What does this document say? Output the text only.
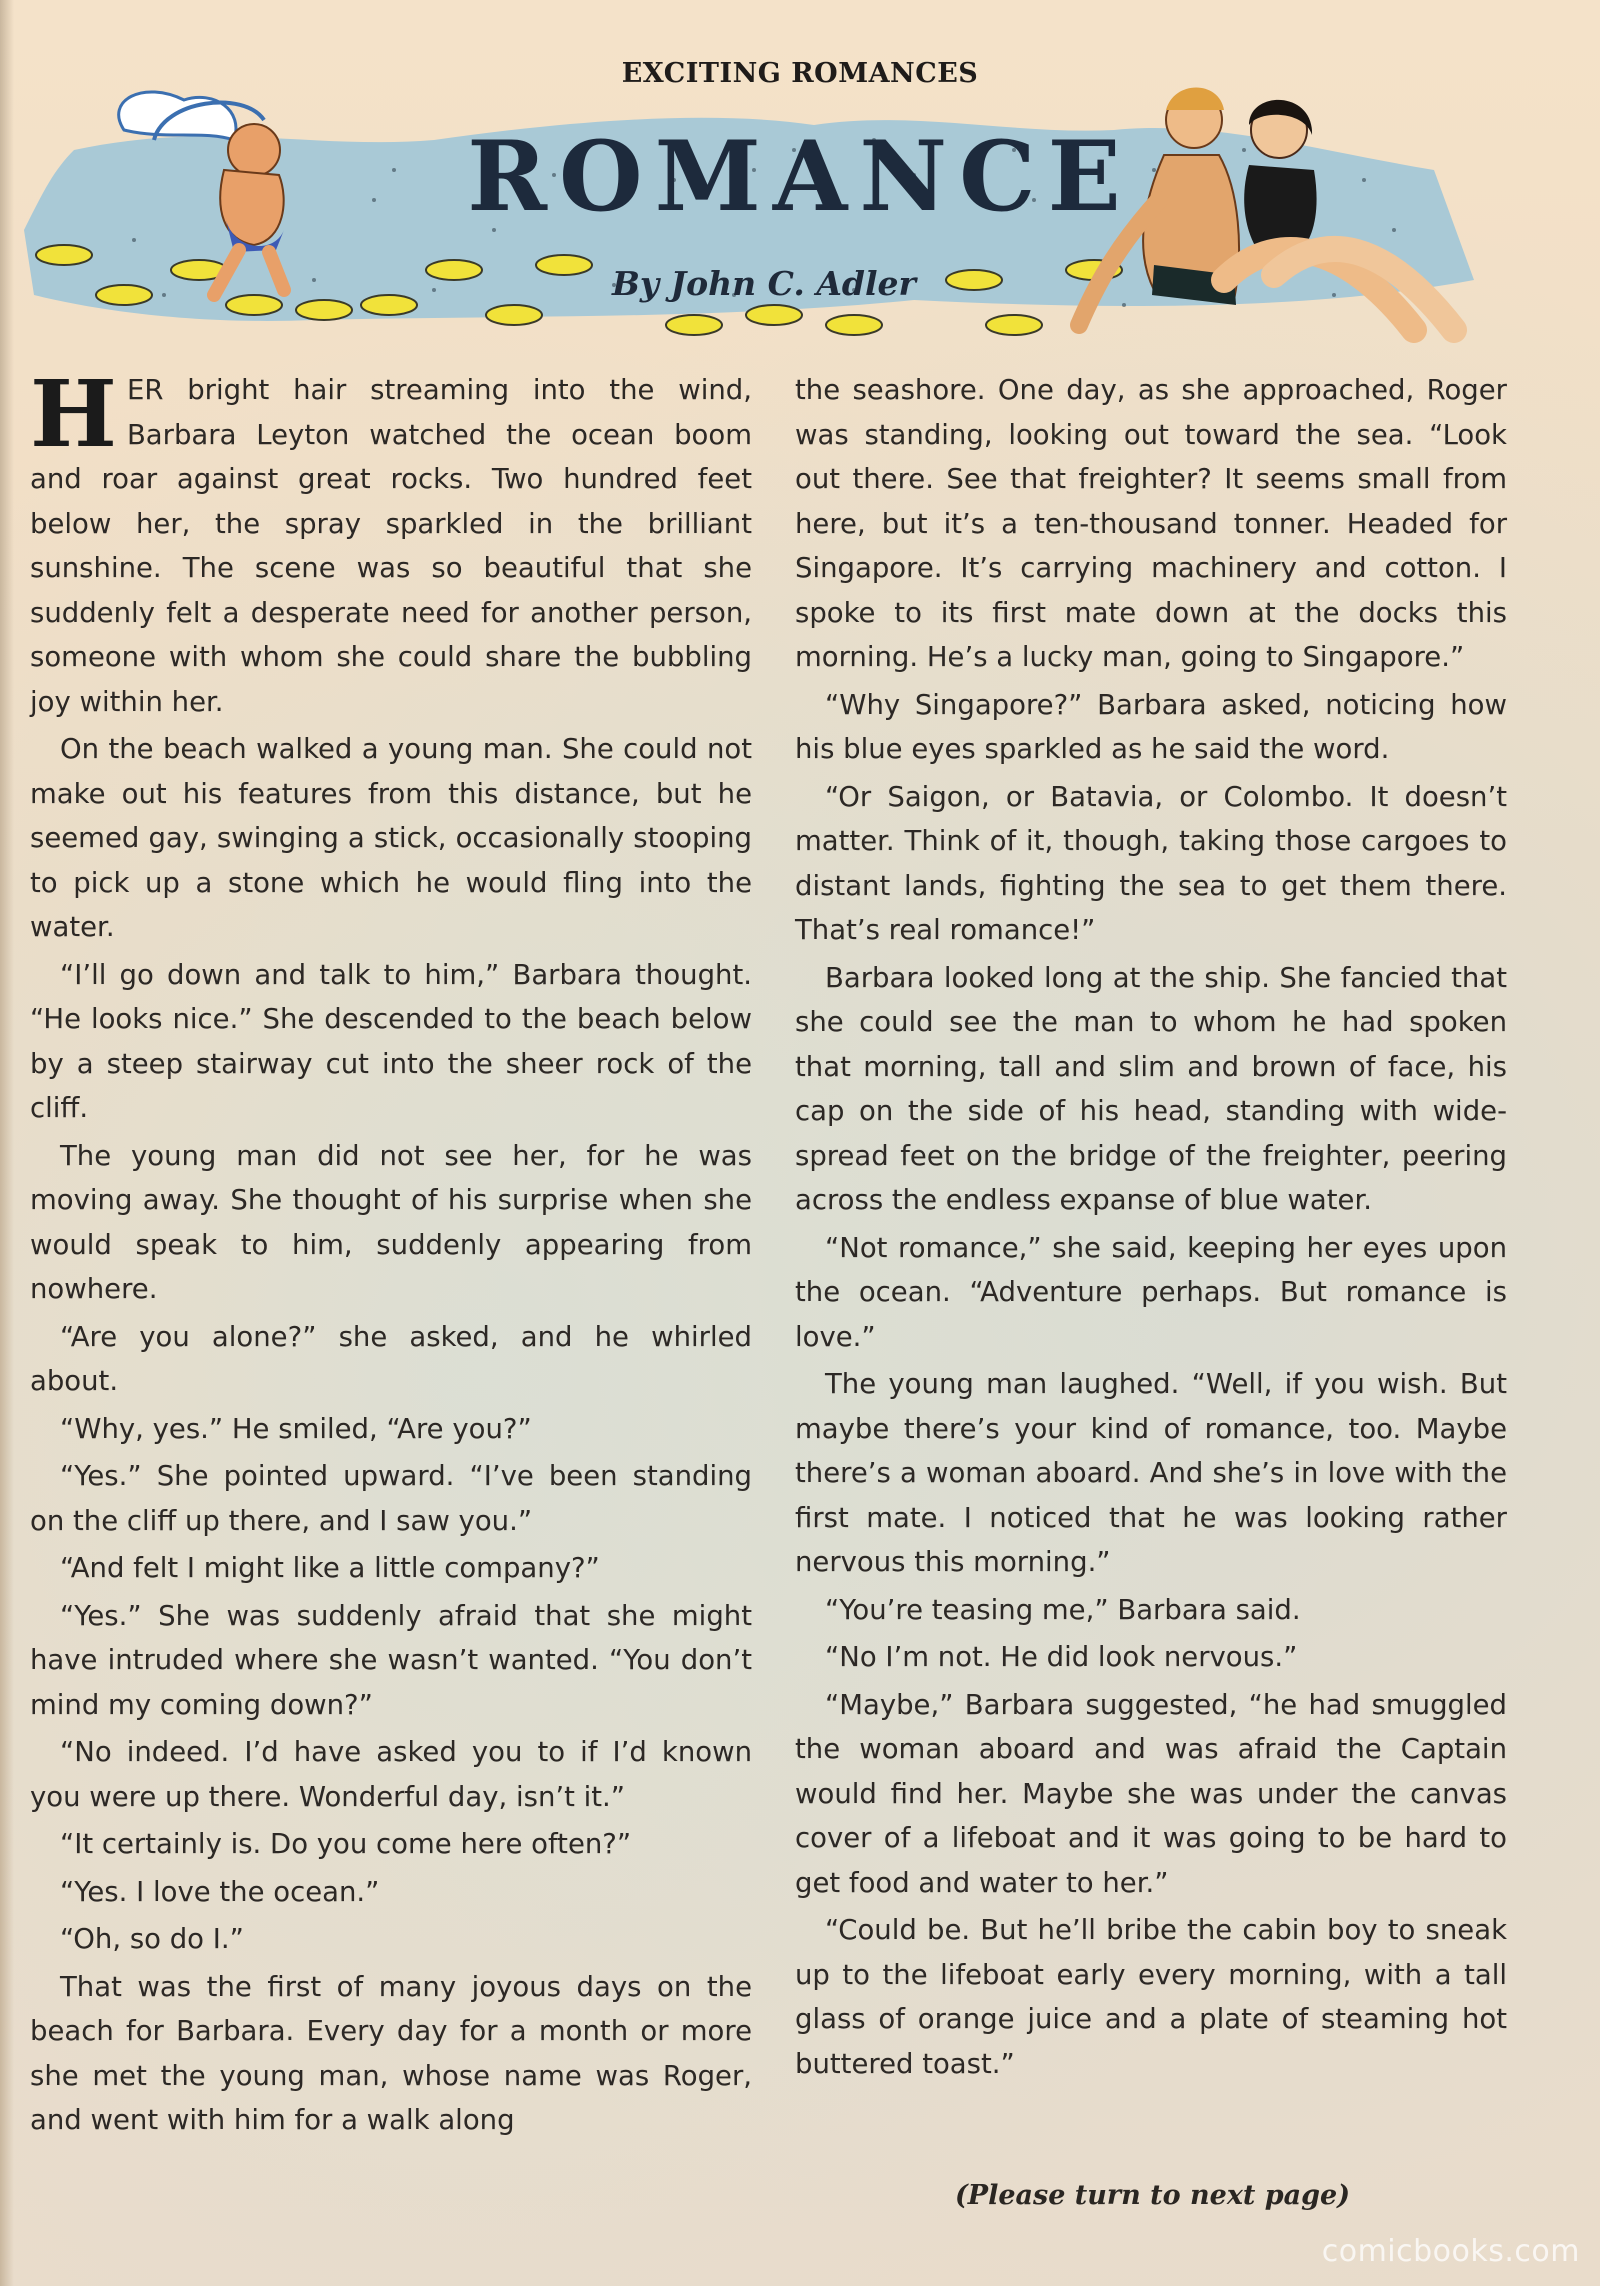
EXCITING ROMANCES
ROMANCE
By John C. Adler

HER bright hair streaming into the wind, Barbara Leyton watched the ocean boom and roar against great rocks. Two hundred feet below her, the spray sparkled in the brilliant sunshine. The scene was so beautiful that she suddenly felt a desperate need for another person, someone with whom she could share the bubbling joy within her.

On the beach walked a young man. She could not make out his features from this distance, but he seemed gay, swinging a stick, occasionally stooping to pick up a stone which he would fling into the water.

“I’ll go down and talk to him,” Barbara thought. “He looks nice.” She descended to the beach below by a steep stairway cut into the sheer rock of the cliff.

The young man did not see her, for he was moving away. She thought of his surprise when she would speak to him, suddenly appearing from nowhere.

“Are you alone?” she asked, and he whirled about.

“Why, yes.” He smiled, “Are you?”

“Yes.” She pointed upward. “I’ve been standing on the cliff up there, and I saw you.”

“And felt I might like a little company?”

“Yes.” She was suddenly afraid that she might have intruded where she wasn’t wanted. “You don’t mind my coming down?”

“No indeed. I’d have asked you to if I’d known you were up there. Wonderful day, isn’t it.”

“It certainly is. Do you come here often?”

“Yes. I love the ocean.”

“Oh, so do I.”

That was the first of many joyous days on the beach for Barbara. Every day for a month or more she met the young man, whose name was Roger, and went with him for a walk along

the seashore. One day, as she approached, Roger was standing, looking out toward the sea. “Look out there. See that freighter? It seems small from here, but it’s a ten-thousand tonner. Headed for Singapore. It’s carrying machinery and cotton. I spoke to its first mate down at the docks this morning. He’s a lucky man, going to Singapore.”

“Why Singapore?” Barbara asked, noticing how his blue eyes sparkled as he said the word.

“Or Saigon, or Batavia, or Colombo. It doesn’t matter. Think of it, though, taking those cargoes to distant lands, fighting the sea to get them there. That’s real romance!”

Barbara looked long at the ship. She fancied that she could see the man to whom he had spoken that morning, tall and slim and brown of face, his cap on the side of his head, standing with wide-spread feet on the bridge of the freighter, peering across the endless expanse of blue water.

“Not romance,” she said, keeping her eyes upon the ocean. “Adventure perhaps. But romance is love.”

The young man laughed. “Well, if you wish. But maybe there’s your kind of romance, too. Maybe there’s a woman aboard. And she’s in love with the first mate. I noticed that he was looking rather nervous this morning.”

“You’re teasing me,” Barbara said.

“No I’m not. He did look nervous.”

“Maybe,” Barbara suggested, “he had smuggled the woman aboard and was afraid the Captain would find her. Maybe she was under the canvas cover of a lifeboat and it was going to be hard to get food and water to her.”

“Could be. But he’ll bribe the cabin boy to sneak up to the lifeboat early every morning, with a tall glass of orange juice and a plate of steaming hot buttered toast.”

(Please turn to next page)
comicbooks.com
